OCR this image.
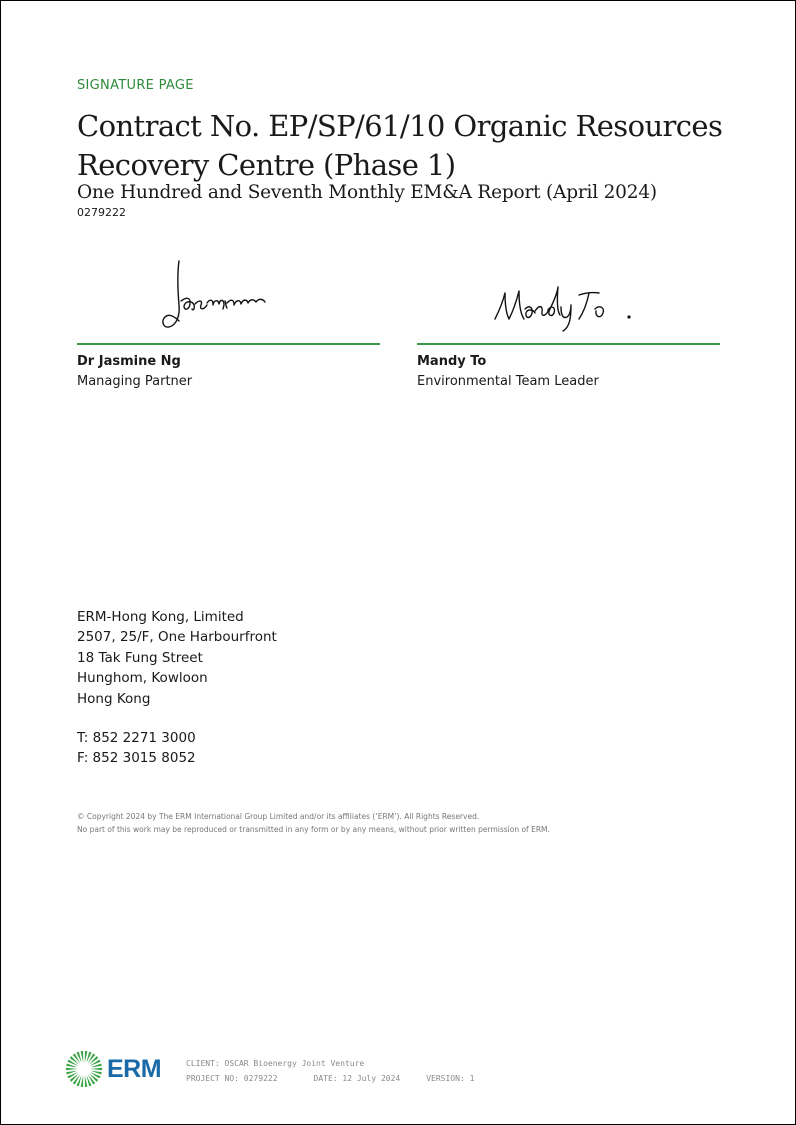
SIGNATURE PAGE
Contract No. EP/SP/61/10 Organic Resources Recovery Centre (Phase 1)
One Hundred and Seventh Monthly EM&A Report (April 2024)
0279222
Dr Jasmine Ng
Managing Partner
Mandy To
Environmental Team Leader
ERM-Hong Kong, Limited
2507, 25/F, One Harbourfront
18 Tak Fung Street
Hunghom, Kowloon
Hong Kong
T: 852 2271 3000
F: 852 3015 8052
© Copyright 2024 by The ERM International Group Limited and/or its affiliates (‘ERM’). All Rights Reserved.
No part of this work may be reproduced or transmitted in any form or by any means, without prior written permission of ERM.
ERM	CLIENT: OSCAR Bioenergy Joint Venture
PROJECT NO: 0279222	DATE: 12 July 2024	VERSION: 1
